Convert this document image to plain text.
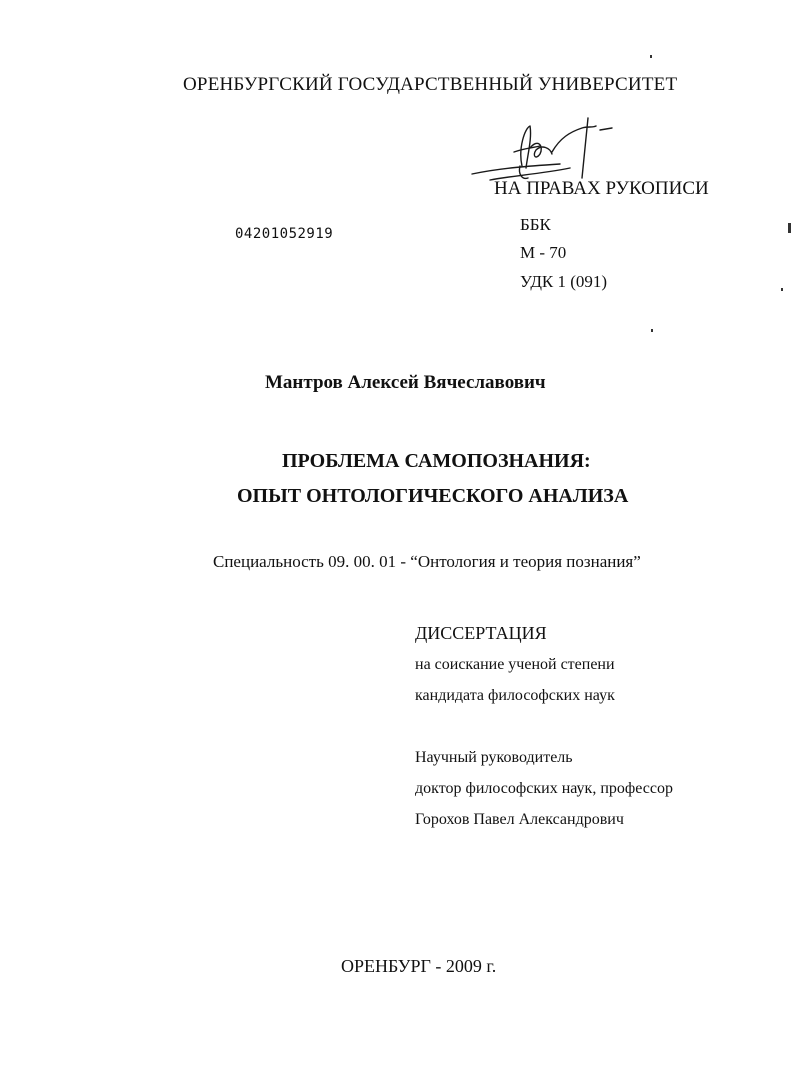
ОРЕНБУРГСКИЙ ГОСУДАРСТВЕННЫЙ УНИВЕРСИТЕТ
НА ПРАВАХ РУКОПИСИ
ББК
М - 70
УДК 1 (091)
04201052919
Мантров Алексей Вячеславович
ПРОБЛЕМА САМОПОЗНАНИЯ:
ОПЫТ ОНТОЛОГИЧЕСКОГО АНАЛИЗА
Специальность 09. 00. 01 - “Онтология и теория познания”
ДИССЕРТАЦИЯ
на соискание ученой степени
кандидата философских наук
Научный руководитель
доктор философских наук, профессор
Горохов Павел Александрович
ОРЕНБУРГ - 2009 г.
